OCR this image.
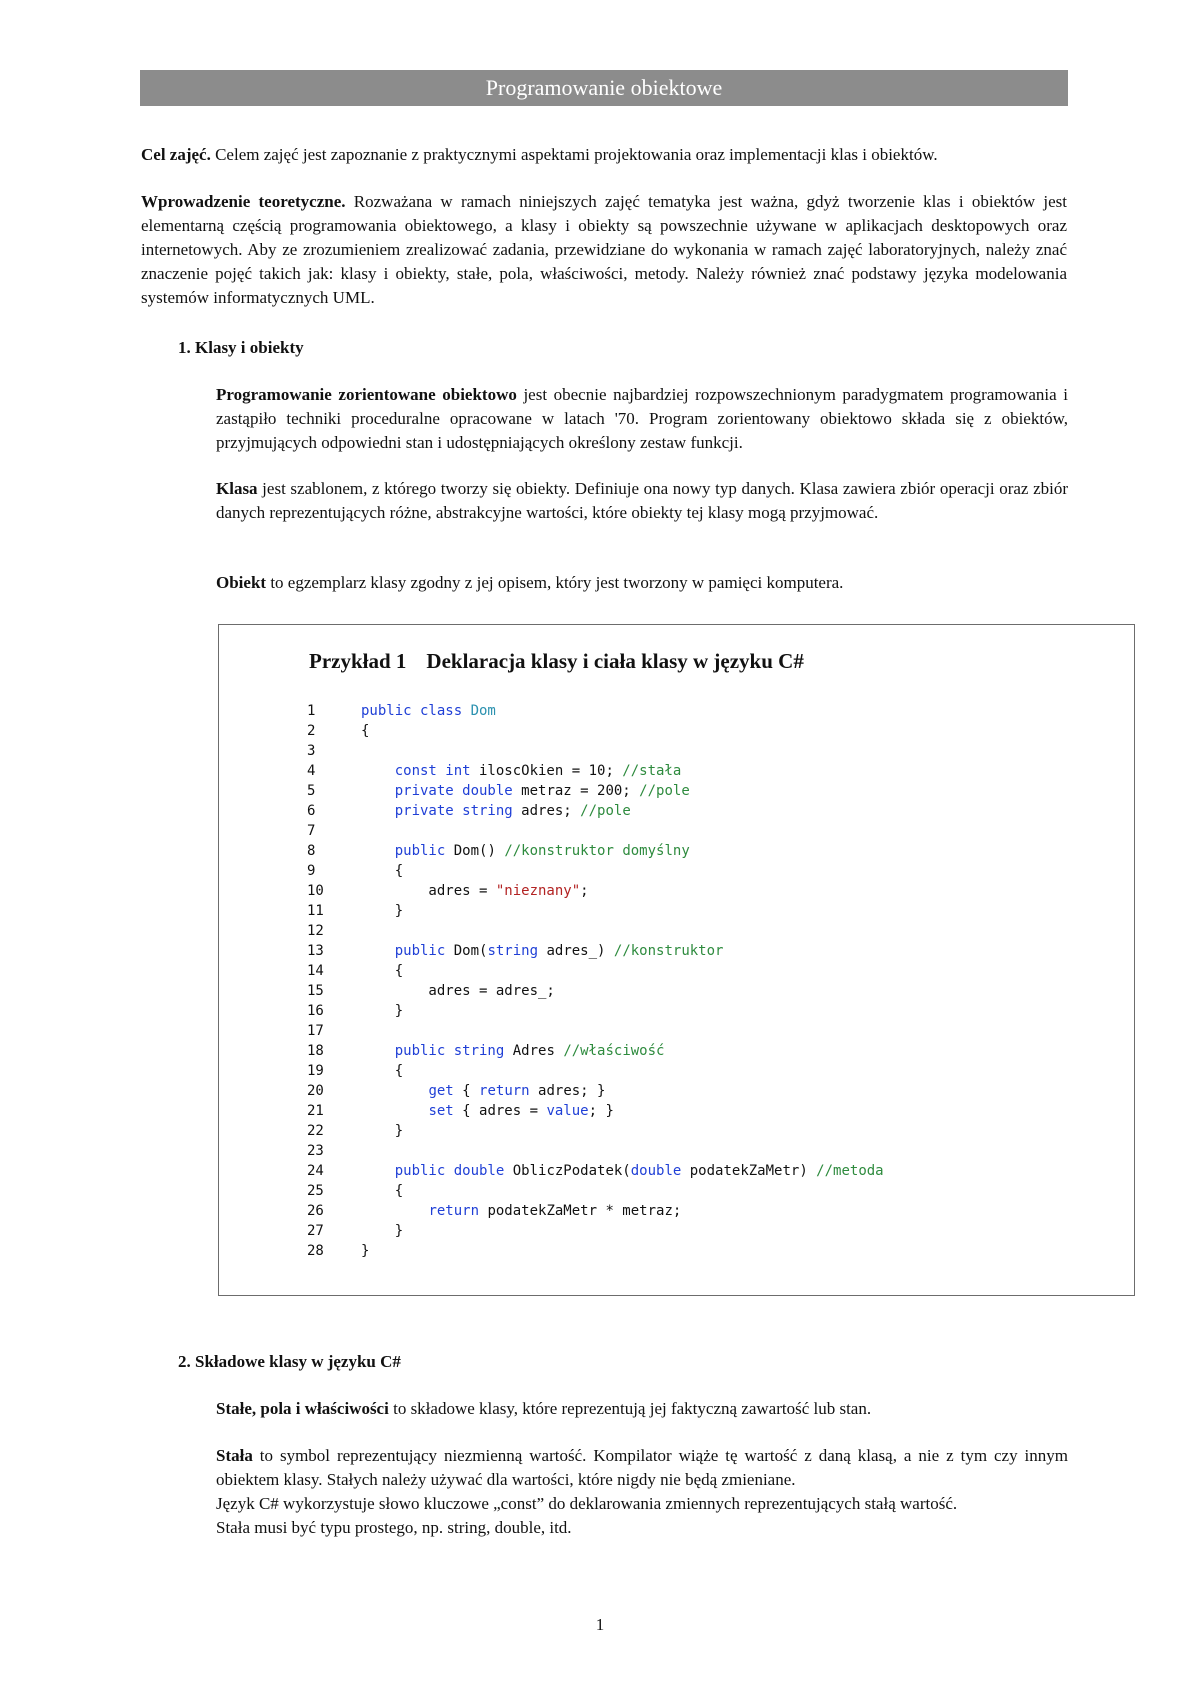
Programowanie obiektowe
Cel zajęć. Celem zajęć jest zapoznanie z praktycznymi aspektami projektowania oraz implementacji klas i obiektów.
Wprowadzenie teoretyczne. Rozważana w ramach niniejszych zajęć tematyka jest ważna, gdyż tworzenie klas i obiektów jest elementarną częścią programowania obiektowego, a klasy i obiekty są powszechnie używane w aplikacjach desktopowych oraz internetowych. Aby ze zrozumieniem zrealizować zadania, przewidziane do wykonania w ramach zajęć laboratoryjnych, należy znać znaczenie pojęć takich jak: klasy i obiekty, stałe, pola, właściwości, metody. Należy również znać podstawy języka modelowania systemów informatycznych UML.
1. Klasy i obiekty
Programowanie zorientowane obiektowo jest obecnie najbardziej rozpowszechnionym paradygmatem programowania i zastąpiło techniki proceduralne opracowane w latach '70. Program zorientowany obiektowo składa się z obiektów, przyjmujących odpowiedni stan i udostępniających określony zestaw funkcji.
Klasa jest szablonem, z którego tworzy się obiekty. Definiuje ona nowy typ danych. Klasa zawiera zbiór operacji oraz zbiór danych reprezentujących różne, abstrakcyjne wartości, które obiekty tej klasy mogą przyjmować.
Obiekt to egzemplarz klasy zgodny z jej opisem, który jest tworzony w pamięci komputera.
Przykład 1 Deklaracja klasy i ciała klasy w języku C#
1	public class Dom
2	{
3
4	const int iloscOkien = 10; //stała
5	private double metraz = 200; //pole
6	private string adres; //pole
7
8	public Dom() //konstruktor domyślny
9	{
10	adres = "nieznany";
11	}
12
13	public Dom(string adres_) //konstruktor
14	{
15	adres = adres_;
16	}
17
18	public string Adres //właściwość
19	{
20	get { return adres; }
21	set { adres = value; }
22	}
23
24	public double ObliczPodatek(double podatekZaMetr) //metoda
25	{
26	return podatekZaMetr * metraz;
27	}
28	}
2. Składowe klasy w języku C#
Stałe, pola i właściwości to składowe klasy, które reprezentują jej faktyczną zawartość lub stan.
Stała to symbol reprezentujący niezmienną wartość. Kompilator wiąże tę wartość z daną klasą, a nie z tym czy innym obiektem klasy. Stałych należy używać dla wartości, które nigdy nie będą zmieniane.
Język C# wykorzystuje słowo kluczowe „const” do deklarowania zmiennych reprezentujących stałą wartość.
Stała musi być typu prostego, np. string, double, itd.
1
